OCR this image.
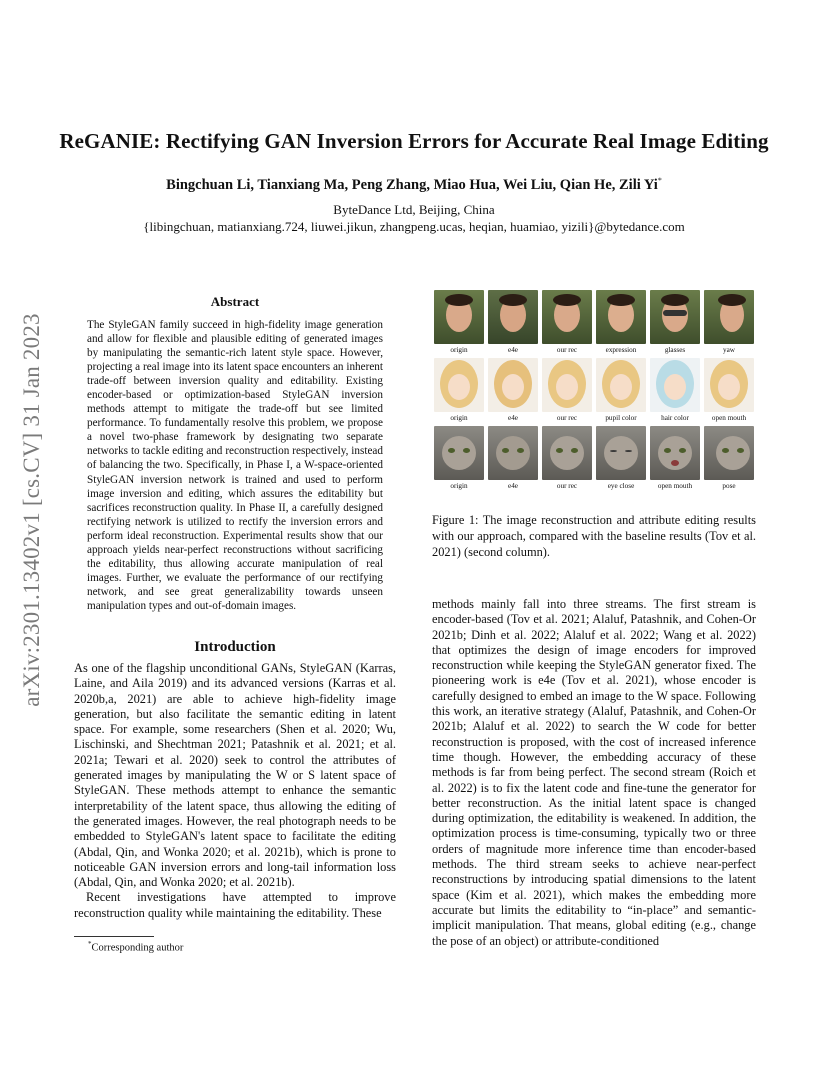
ReGANIE: Rectifying GAN Inversion Errors for Accurate Real Image Editing
Bingchuan Li, Tianxiang Ma, Peng Zhang, Miao Hua, Wei Liu, Qian He, Zili Yi*
ByteDance Ltd, Beijing, China
{libingchuan, matianxiang.724, liuwei.jikun, zhangpeng.ucas, heqian, huamiao, yizili}@bytedance.com
arXiv:2301.13402v1 [cs.CV] 31 Jan 2023
Abstract
The StyleGAN family succeed in high-fidelity image generation and allow for flexible and plausible editing of generated images by manipulating the semantic-rich latent style space. However, projecting a real image into its latent space encounters an inherent trade-off between inversion quality and editability. Existing encoder-based or optimization-based StyleGAN inversion methods attempt to mitigate the trade-off but see limited performance. To fundamentally resolve this problem, we propose a novel two-phase framework by designating two separate networks to tackle editing and reconstruction respectively, instead of balancing the two. Specifically, in Phase I, a W-space-oriented StyleGAN inversion network is trained and used to perform image inversion and editing, which assures the editability but sacrifices reconstruction quality. In Phase II, a carefully designed rectifying network is utilized to rectify the inversion errors and perform ideal reconstruction. Experimental results show that our approach yields near-perfect reconstructions without sacrificing the editability, thus allowing accurate manipulation of real images. Further, we evaluate the performance of our rectifying network, and see great generalizability towards unseen manipulation types and out-of-domain images.
Introduction

As one of the flagship unconditional GANs, StyleGAN (Karras, Laine, and Aila 2019) and its advanced versions (Karras et al. 2020b,a, 2021) are able to achieve high-fidelity image generation, but also facilitate the semantic editing in latent space. For example, some researchers (Shen et al. 2020; Wu, Lischinski, and Shechtman 2021; Patashnik et al. 2021; et al. 2021a; Tewari et al. 2020) seek to control the attributes of generated images by manipulating the W or S latent space of StyleGAN. These methods attempt to enhance the semantic interpretability of the latent space, thus allowing the editing of the generated images. However, the real photograph needs to be embedded to StyleGAN's latent space to facilitate the editing (Abdal, Qin, and Wonka 2020; et al. 2021b), which is prone to noticeable GAN inversion errors and long-tail information loss (Abdal, Qin, and Wonka 2020; et al. 2021b).

Recent investigations have attempted to improve reconstruction quality while maintaining the editability. These

*Corresponding author
origin	e4e	our rec	expression	glasses	yaw
origin	e4e	our rec	pupil color	hair color	open mouth
origin	e4e	our rec	eye close	open mouth	pose
Figure 1: The image reconstruction and attribute editing results with our approach, compared with the baseline results (Tov et al. 2021) (second column).
methods mainly fall into three streams. The first stream is encoder-based (Tov et al. 2021; Alaluf, Patashnik, and Cohen-Or 2021b; Dinh et al. 2022; Alaluf et al. 2022; Wang et al. 2022) that optimizes the design of image encoders for improved reconstruction while keeping the StyleGAN generator fixed. The pioneering work is e4e (Tov et al. 2021), whose encoder is carefully designed to embed an image to the W space. Following this work, an iterative strategy (Alaluf, Patashnik, and Cohen-Or 2021b; Alaluf et al. 2022) to search the W code for better reconstruction is proposed, with the cost of increased inference time though. However, the embedding accuracy of these methods is far from being perfect. The second stream (Roich et al. 2022) is to fix the latent code and fine-tune the generator for better reconstruction. As the initial latent space is changed during optimization, the editability is weakened. In addition, the optimization process is time-consuming, typically two or three orders of magnitude more inference time than encoder-based methods. The third stream seeks to achieve near-perfect reconstructions by introducing spatial dimensions to the latent space (Kim et al. 2021), which makes the embedding more accurate but limits the editability to “in-place” and semantic-implicit manipulation. That means, global editing (e.g., change the pose of an object) or attribute-conditioned
